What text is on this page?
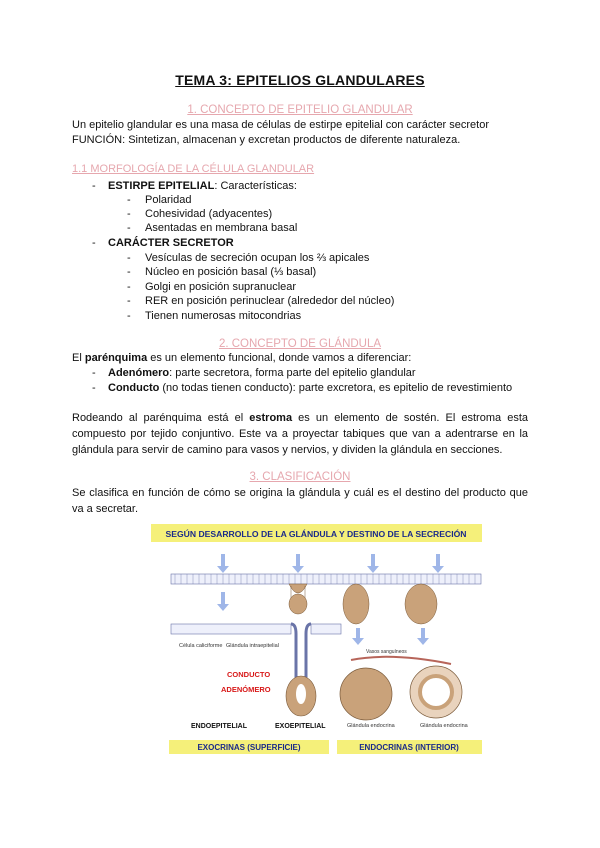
TEMA 3: EPITELIOS GLANDULARES
1. CONCEPTO DE EPITELIO GLANDULAR
Un epitelio glandular es una masa de células de estirpe epitelial con carácter secretor
FUNCIÓN: Sintetizan, almacenan y excretan productos de diferente naturaleza.
1.1 MORFOLOGÍA DE LA CÉLULA GLANDULAR
- ESTIRPE EPITELIAL: Características:
- Polaridad
- Cohesividad (adyacentes)
- Asentadas en membrana basal
- CARÁCTER SECRETOR
- Vesículas de secreción ocupan los ⅔ apicales
- Núcleo en posición basal (⅓ basal)
- Golgi en posición supranuclear
- RER en posición perinuclear (alrededor del núcleo)
- Tienen numerosas mitocondrias
2. CONCEPTO DE GLÁNDULA
El parénquima es un elemento funcional, donde vamos a diferenciar:
- Adenómero: parte secretora, forma parte del epitelio glandular
- Conducto (no todas tienen conducto): parte excretora, es epitelio de revestimiento
Rodeando al parénquima está el estroma es un elemento de sostén. El estroma esta
compuesto por tejido conjuntivo. Este va a proyectar tabiques que van a adentrarse en la
glándula para servir de camino para vasos y nervios, y dividen la glándula en secciones.
3. CLASIFICACIÓN
Se clasifica en función de cómo se origina la glándula y cuál es el destino del producto que
va a secretar.
SEGÚN DESARROLLO DE LA GLÁNDULA Y DESTINO DE LA SECRECIÓN
Célula caliciforme Glándula intraepitelial
CONDUCTO
ADENÓMERO
Vasos sanguíneos
Glándula endocrina	Glándula endocrina
ENDOEPITELIAL	EXOEPITELIAL
EXOCRINAS (SUPERFICIE)	ENDOCRINAS (INTERIOR)
